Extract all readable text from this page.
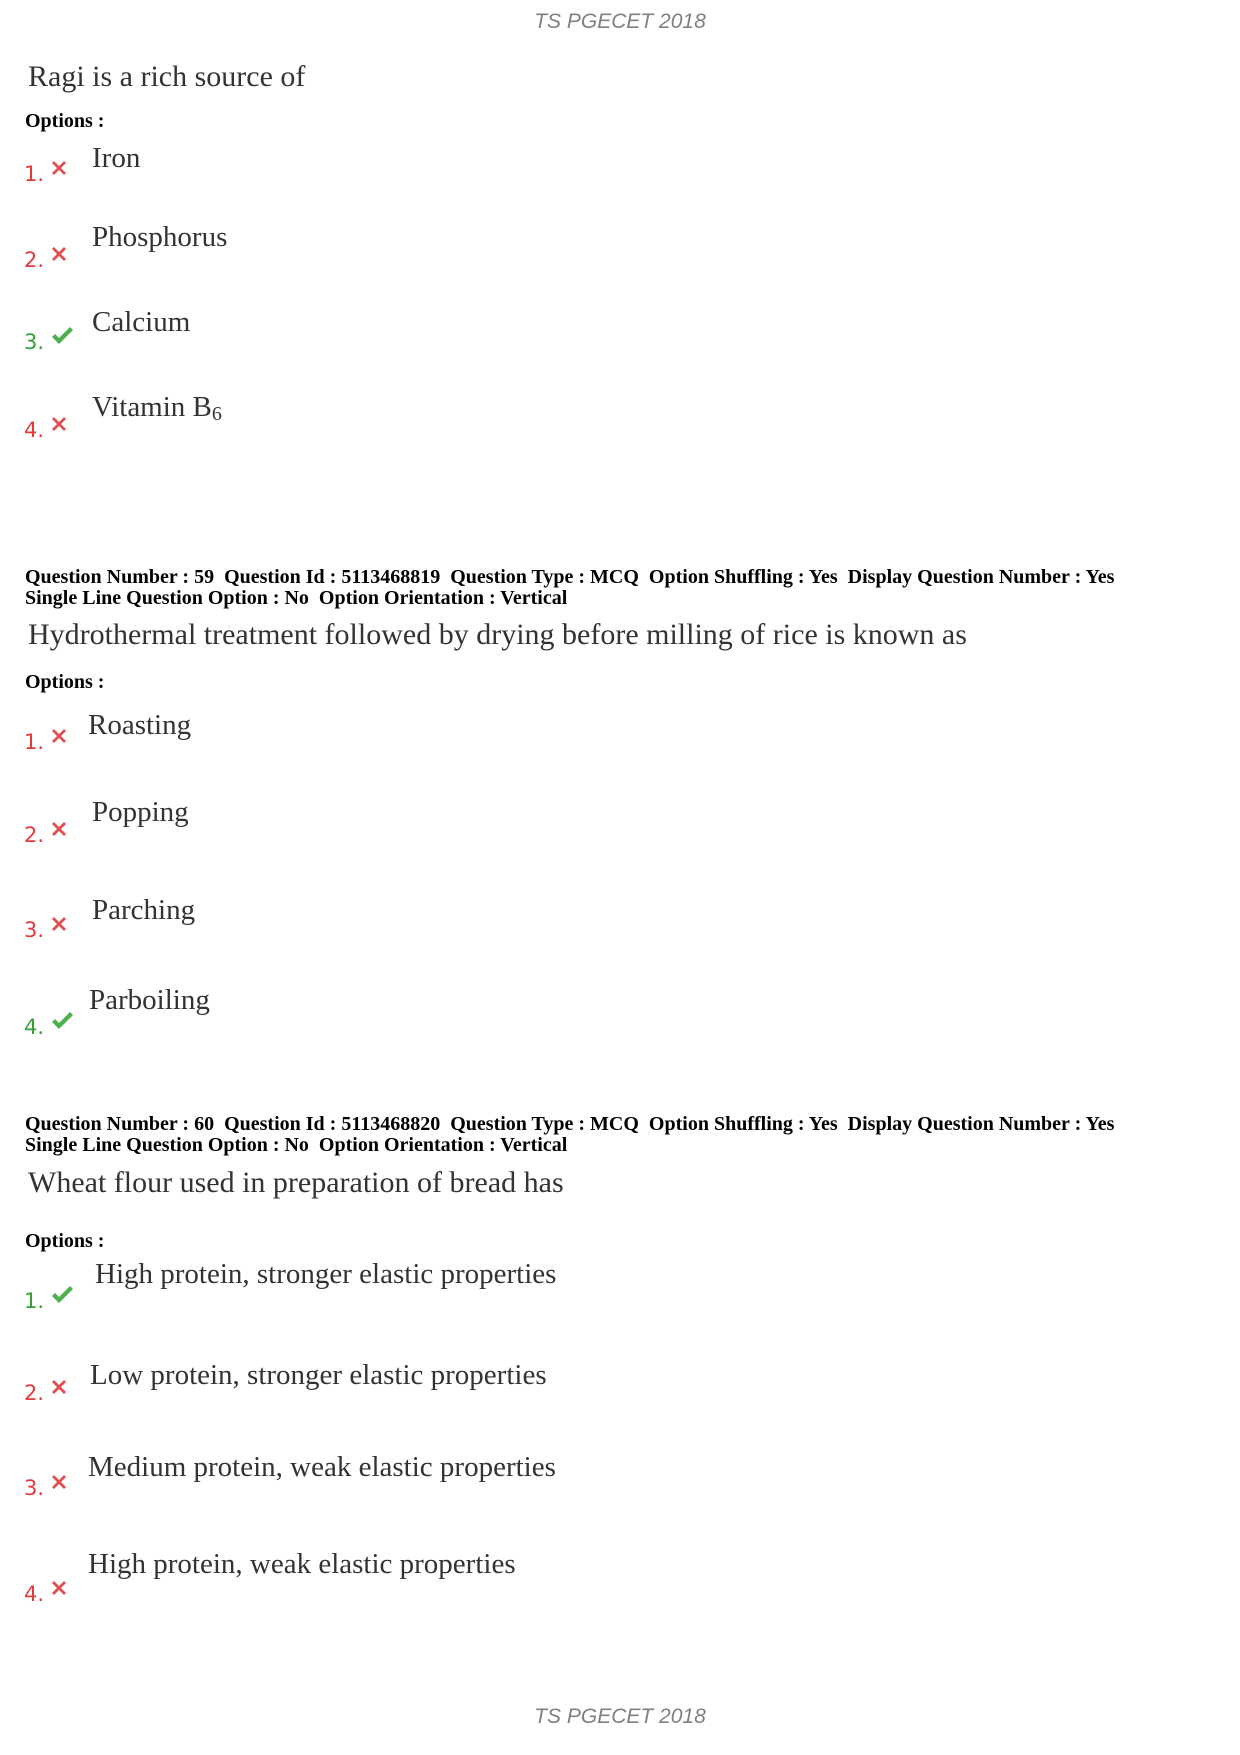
TS PGECET 2018
Ragi is a rich source of
Options :
1. Iron
2.
Phosphorus
3.
Calcium
4.
Vitamin $B_6$
Question Number : 59  Question Id : 5113468819  Question Type : MCQ  Option Shuffling : Yes  Display Question Number : Yes
Single Line Question Option : No  Option Orientation : Vertical
Hydrothermal treatment followed by drying before milling of rice is known as
Options :
1.
Roasting
2.
Popping
3.
Parching
4.
Parboiling
Question Number : 60  Question Id : 5113468820  Question Type : MCQ  Option Shuffling : Yes  Display Question Number : Yes
Single Line Question Option : No  Option Orientation : Vertical
Wheat flour used in preparation of bread has
Options :
1.
High protein, stronger elastic properties
2.
Low protein, stronger elastic properties
3.
Medium protein, weak elastic properties
4.
High protein, weak elastic properties
TS PGECET 2018
